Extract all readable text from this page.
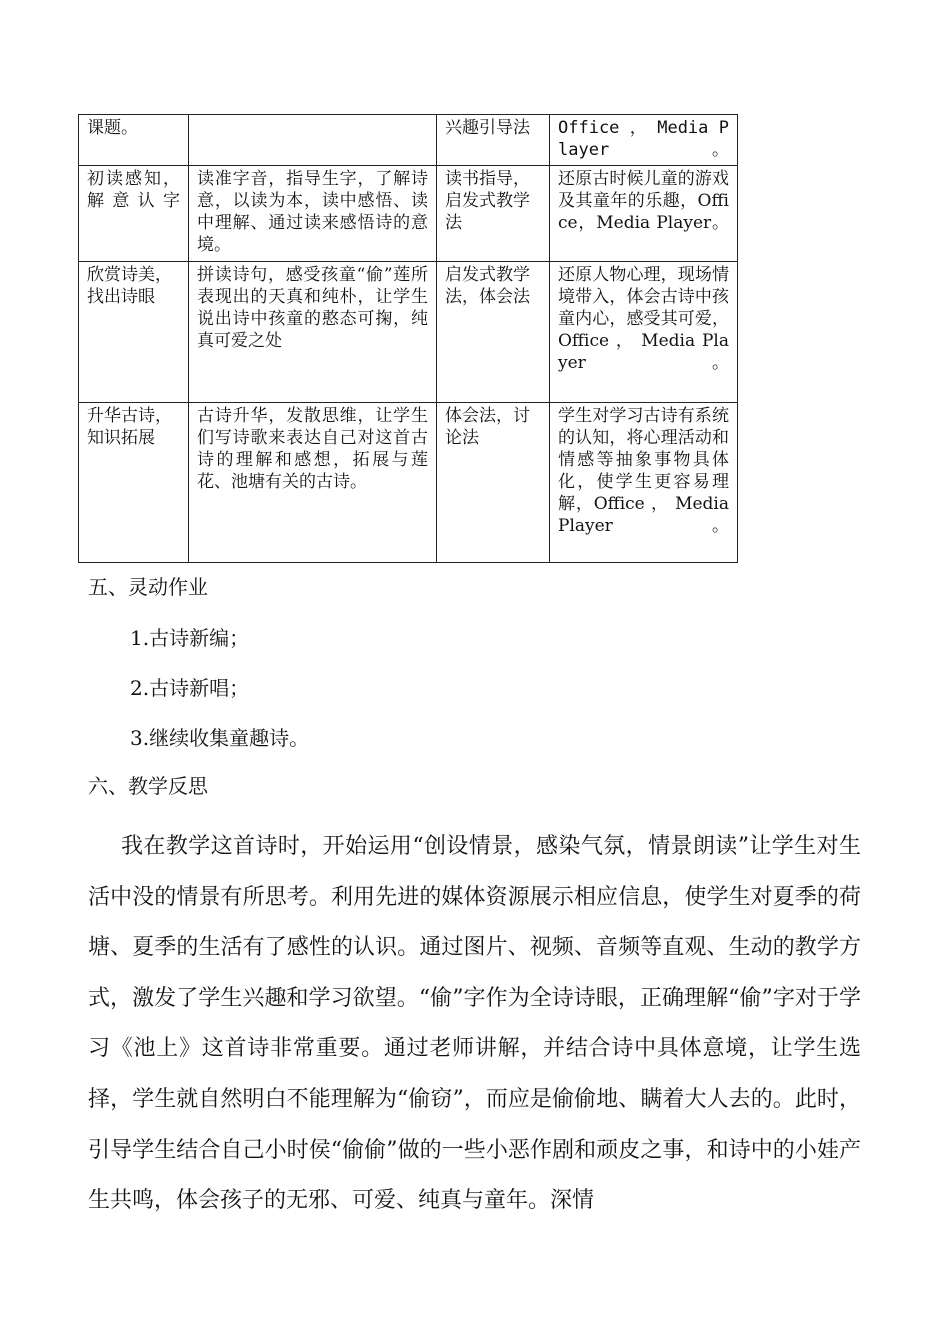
课题。		兴趣引导法	Office ， Media Player。

初读感知，解意认字	读准字音，指导生字，了解诗意，以读为本，读中感悟、读中理解、通过读来感悟诗的意境。	读书指导，启发式教学法	还原古时候儿童的游戏及其童年的乐趣，Office，Media Player。

欣赏诗美，找出诗眼	拼读诗句，感受孩童“偷”莲所表现出的天真和纯朴，让学生说出诗中孩童的憨态可掬，纯真可爱之处	启发式教学法，体会法	还原人物心理，现场情境带入，体会古诗中孩童内心，感受其可爱，Office ， Media Player。

升华古诗，知识拓展	古诗升华，发散思维，让学生们写诗歌来表达自己对这首古诗的理解和感想，拓展与莲花、池塘有关的古诗。	体会法，讨论法	学生对学习古诗有系统的认知，将心理活动和情感等抽象事物具体化，使学生更容易理解，Office ， Media Player。
五、灵动作业
1.古诗新编；
2.古诗新唱；
3.继续收集童趣诗。
六、教学反思
我在教学这首诗时，开始运用“创设情景，感染气氛，情景朗读”让学生对生活中没的情景有所思考。利用先进的媒体资源展示相应信息，使学生对夏季的荷塘、夏季的生活有了感性的认识。通过图片、视频、音频等直观、生动的教学方式，激发了学生兴趣和学习欲望。“偷”字作为全诗诗眼，正确理解“偷”字对于学习《池上》这首诗非常重要。通过老师讲解，并结合诗中具体意境，让学生选择，学生就自然明白不能理解为“偷窃”，而应是偷偷地、瞒着大人去的。此时，引导学生结合自己小时侯“偷偷”做的一些小恶作剧和顽皮之事，和诗中的小娃产生共鸣，体会孩子的无邪、可爱、纯真与童年。深情
